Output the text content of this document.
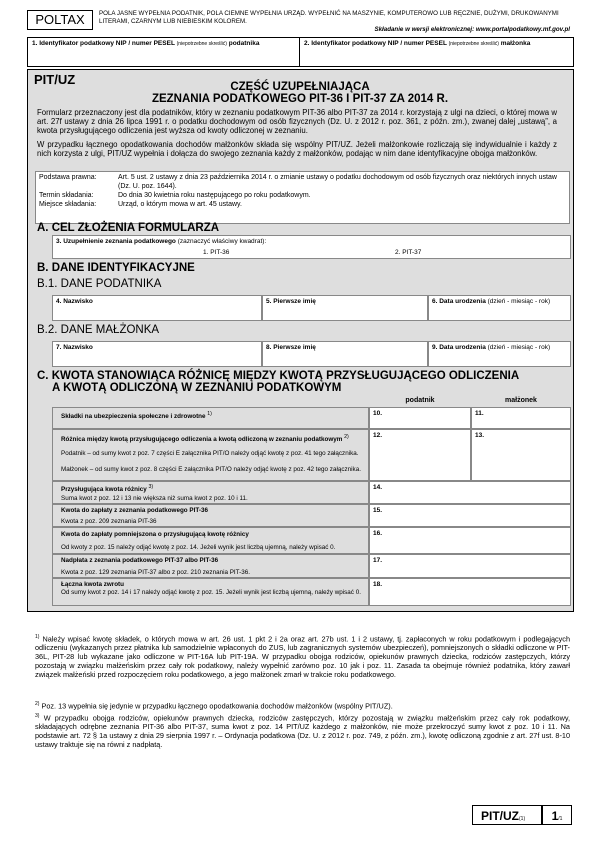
POLTAX	POLA JASNE WYPEŁNIA PODATNIK, POLA CIEMNE WYPEŁNIA URZĄD. WYPEŁNIĆ NA MASZYNIE, KOMPUTEROWO LUB RĘCZNIE, DUŻYMI, DRUKOWANYMI LITERAMI, CZARNYM LUB NIEBIESKIM KOLOREM.
Składanie w wersji elektronicznej: www.portalpodatkowy.mf.gov.pl
1. Identyfikator podatkowy NIP / numer PESEL (niepotrzebne skreślić) podatnika	2. Identyfikator podatkowy NIP / numer PESEL (niepotrzebne skreślić) małżonka
PIT/UZ	CZĘŚĆ UZUPEŁNIAJĄCA
ZEZNANIA PODATKOWEGO PIT-36 I PIT-37 ZA 2014 R.
Formularz przeznaczony jest dla podatników, który w zeznaniu podatkowym PIT-36 albo PIT-37 za 2014 r. korzystają z ulgi na dzieci, o której mowa w art. 27f ustawy z dnia 26 lipca 1991 r. o podatku dochodowym od osób fizycznych (Dz. U. z 2012 r. poz. 361, z późn. zm.), zwanej dalej „ustawą”, a kwota przysługującego odliczenia jest wyższa od kwoty odliczonej w zeznaniu.
W przypadku łącznego opodatkowania dochodów małżonków składa się wspólny PIT/UZ. Jeżeli małżonkowie rozliczają się indywidualnie i każdy z nich korzysta z ulgi, PIT/UZ wypełnia i dołącza do swojego zeznania każdy z małżonków, podając w nim dane identyfikacyjne obojga małżonków.
Podstawa prawna:	Art. 5 ust. 2 ustawy z dnia 23 października 2014 r. o zmianie ustawy o podatku dochodowym od osób fizycznych oraz niektórych innych ustaw (Dz. U. poz. 1644).
Termin składania:	Do dnia 30 kwietnia roku następującego po roku podatkowym.
Miejsce składania:	Urząd, o którym mowa w art. 45 ustawy.
A. CEL ZŁOŻENIA FORMULARZA
3. Uzupełnienie zeznania podatkowego (zaznaczyć właściwy kwadrat):
1. PIT-36	2. PIT-37
B. DANE IDENTYFIKACYJNE
B.1. DANE PODATNIKA
4. Nazwisko	5. Pierwsze imię	6. Data urodzenia (dzień - miesiąc - rok)
B.2. DANE MAŁŻONKA
7. Nazwisko	8. Pierwsze imię	9. Data urodzenia (dzień - miesiąc - rok)
C. KWOTA STANOWIĄCA RÓŻNICĘ MIĘDZY KWOTĄ PRZYSŁUGUJĄCEGO ODLICZENIA
A KWOTĄ ODLICZONĄ W ZEZNANIU PODATKOWYM
podatnik	małżonek
Składki na ubezpieczenia społeczne i zdrowotne $^{1)}$	10.	11.
Różnica między kwotą przysługującego odliczenia a kwotą odliczoną w zeznaniu podatkowym $^{2)}$
Podatnik – od sumy kwot z poz. 7 części E załącznika PIT/O należy odjąć kwotę z poz. 41 tego załącznika.
Małżonek – od sumy kwot z poz. 8 części E załącznika PIT/O należy odjąć kwotę z poz. 42 tego załącznika.
12.	13.
Przysługująca kwota różnicy $^{3)}$
Suma kwot z poz. 12 i 13 nie większa niż suma kwot z poz. 10 i 11.
14.
Kwota do zapłaty z zeznania podatkowego PIT-36
Kwota z poz. 209 zeznania PIT-36
15.
Kwota do zapłaty pomniejszona o przysługującą kwotę różnicy
Od kwoty z poz. 15 należy odjąć kwotę z poz. 14. Jeżeli wynik jest liczbą ujemną, należy wpisać 0.
16.
Nadpłata z zeznania podatkowego PIT-37 albo PIT-36
Kwota z poz. 129 zeznania PIT-37 albo z poz. 210 zeznania PIT-36.
17.
Łączna kwota zwrotu
Od sumy kwot z poz. 14 i 17 należy odjąć kwotę z poz. 15. Jeżeli wynik jest liczbą ujemną, należy wpisać 0.
18.
$^{1)}$ Należy wpisać kwotę składek, o których mowa w art. 26 ust. 1 pkt 2 i 2a oraz art. 27b ust. 1 i 2 ustawy, tj. zapłaconych w roku podatkowym i podlegających odliczeniu (wykazanych przez płatnika lub samodzielnie wpłaconych do ZUS, lub zagranicznych systemów ubezpieczeń), pomniejszonych o składki odliczone w PIT-36L, PIT-28 lub wykazane jako odliczone w PIT-16A lub PIT-19A. W przypadku obojga rodziców, opiekunów prawnych dziecka, rodziców zastępczych, którzy pozostają w związku małżeńskim przez cały rok podatkowy, należy wypełnić zarówno poz. 10 jak i poz. 11. Zasada ta obejmuje również podatnika, który zawarł związek małżeński przed rozpoczęciem roku podatkowego, a jego małżonek zmarł w trakcie roku podatkowego.
$^{2)}$ Poz. 13 wypełnia się jedynie w przypadku łącznego opodatkowania dochodów małżonków (wspólny PIT/UZ).
$^{3)}$ W przypadku obojga rodziców, opiekunów prawnych dziecka, rodziców zastępczych, którzy pozostają w związku małżeńskim przez cały rok podatkowy, składających odrębne zeznania PIT-36 albo PIT-37, suma kwot z poz. 14 PIT/UZ każdego z małżonków, nie może przekroczyć sumy kwot z poz. 10 i 11. Na podstawie art. 72 § 1a ustawy z dnia 29 sierpnia 1997 r. – Ordynacja podatkowa (Dz. U. z 2012 r. poz. 749, z późn. zm.), kwotę odliczoną zgodnie z art. 27f ust. 8-10 ustawy traktuje się na równi z nadpłatą.
PIT/UZ(1)	1/1
